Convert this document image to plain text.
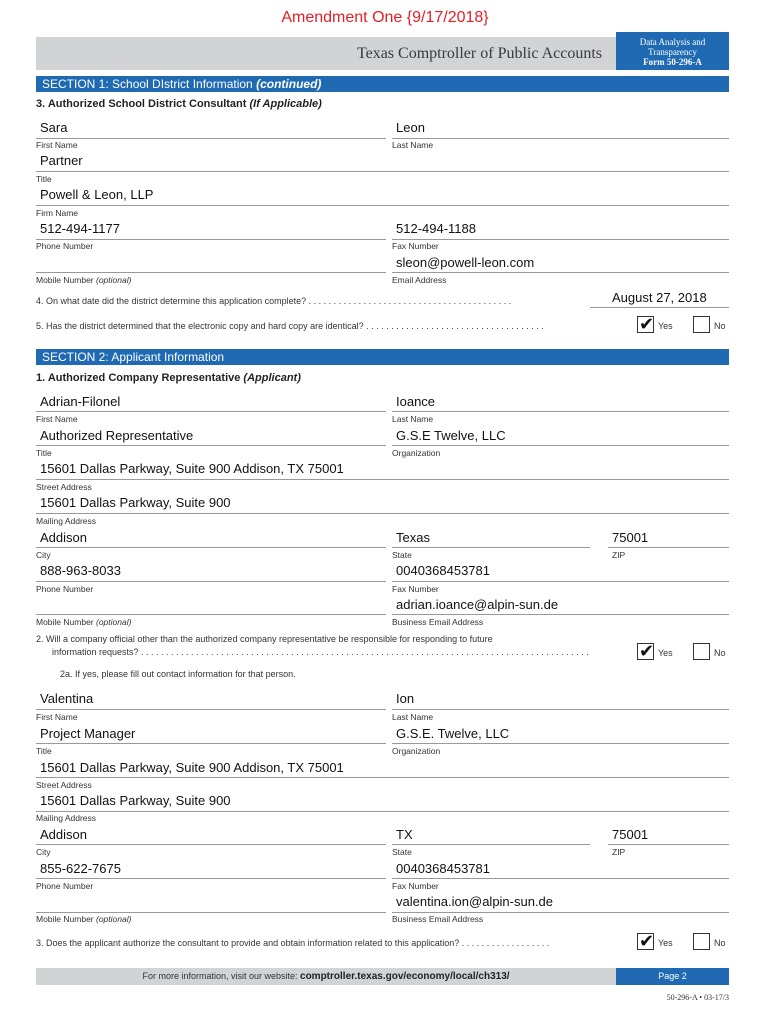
Amendment One {9/17/2018}
Texas Comptroller of Public Accounts
Data Analysis and
Transparency
Form 50-296-A
SECTION 1: School DIstrict Information (continued)
3. Authorized School District Consultant (If Applicable)
Sara
First Name
Leon
Last Name
Partner
Title
Powell & Leon, LLP
Firm Name
512-494-1177
Phone Number
512-494-1188
Fax Number
Mobile Number (optional)
sleon@powell-leon.com
Email Address
4. On what date did the district determine this application complete? . . . . . . . . . . . . . . . . . . . . . . . . . . . . . . . . . . . . . . . . .	August 27, 2018
5. Has the district determined that the electronic copy and hard copy are identical? . . . . . . . . . . . . . . . . . . . . . . . . . . . . . . . . . . . .	✔ Yes	No
SECTION 2: Applicant Information
1. Authorized Company Representative (Applicant)
Adrian-Filonel
First Name
Ioance
Last Name
Authorized Representative
Title
G.S.E Twelve, LLC
Organization
15601 Dallas Parkway, Suite 900 Addison, TX 75001
Street Address
15601 Dallas Parkway, Suite 900
Mailing Address
Addison
City
Texas
State
75001
ZIP
888-963-8033
Phone Number
0040368453781
Fax Number
Mobile Number (optional)
adrian.ioance@alpin-sun.de
Business Email Address
2. Will a company official other than the authorized company representative be responsible for responding to future
information requests? . . . . . . . . . . . . . . . . . . . . . . . . . . . . . . . . . . . . . . . . . . . . . . . . . . . . . . . . . . . . . . . . . . . . . . . . . . . . . . . . . . . . . . . . . .	✔ Yes	No
2a. If yes, please fill out contact information for that person.
Valentina
First Name
Ion
Last Name
Project Manager
Title
G.S.E. Twelve, LLC
Organization
15601 Dallas Parkway, Suite 900 Addison, TX 75001
Street Address
15601 Dallas Parkway, Suite 900
Mailing Address
Addison
City
TX
State
75001
ZIP
855-622-7675
Phone Number
0040368453781
Fax Number
Mobile Number (optional)
valentina.ion@alpin-sun.de
Business Email Address
3. Does the applicant authorize the consultant to provide and obtain information related to this application? . . . . . . . . . . . . . . . . . .	✔ Yes	No
For more information, visit our website: comptroller.texas.gov/economy/local/ch313/	Page 2
50-296-A • 03-17/3
